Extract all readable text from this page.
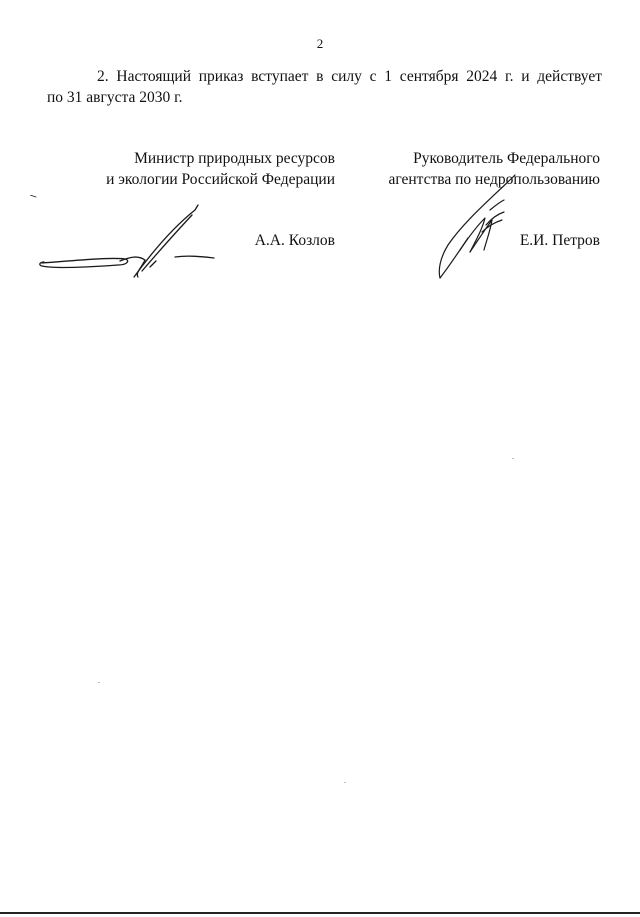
2

2. Настоящий приказ вступает в силу с 1 сентября 2024 г. и действует

по 31 августа 2030 г.

Министр природных ресурсов
и экологии Российской Федерации
Руководитель Федерального
агентства по недропользованию
А.А. Козлов	Е.И. Петров
